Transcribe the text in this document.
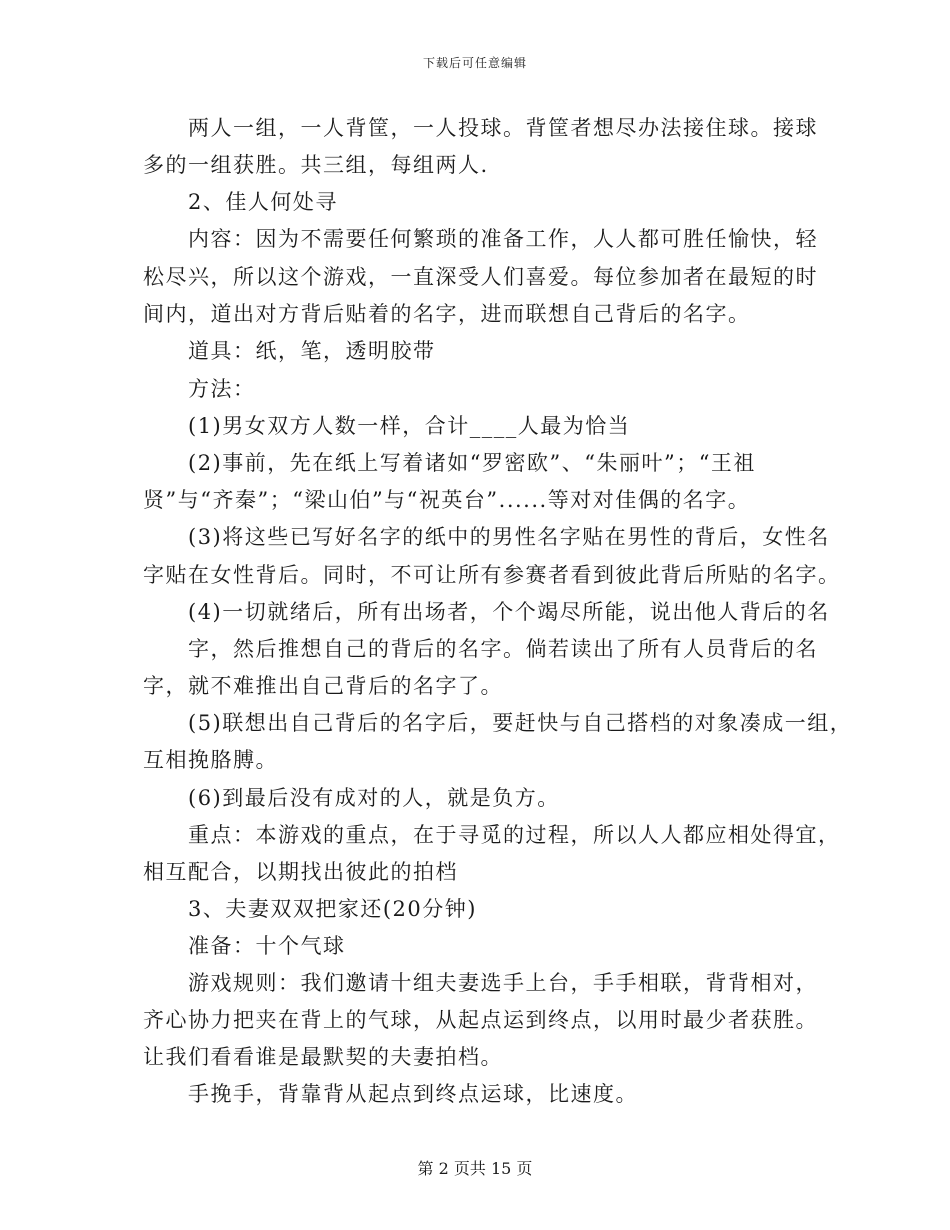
下载后可任意编辑
两人一组，一人背筐，一人投球。背筐者想尽办法接住球。接球
多的一组获胜。共三组，每组两人.
2、佳人何处寻
内容：因为不需要任何繁琐的准备工作，人人都可胜任愉快，轻
松尽兴，所以这个游戏，一直深受人们喜爱。每位参加者在最短的时
间内，道出对方背后贴着的名字，进而联想自己背后的名字。
道具：纸，笔，透明胶带
方法：
(1)男女双方人数一样，合计____人最为恰当
(2)事前，先在纸上写着诸如“罗密欧”、“朱丽叶”；“王祖
贤”与“齐秦”；“梁山伯”与“祝英台”......等对对佳偶的名字。
(3)将这些已写好名字的纸中的男性名字贴在男性的背后，女性名
字贴在女性背后。同时，不可让所有参赛者看到彼此背后所贴的名字。
(4)一切就绪后，所有出场者，个个竭尽所能，说出他人背后的名
字，然后推想自己的背后的名字。倘若读出了所有人员背后的名
字，就不难推出自己背后的名字了。
(5)联想出自己背后的名字后，要赶快与自己搭档的对象凑成一组，
互相挽胳膊。
(6)到最后没有成对的人，就是负方。
重点：本游戏的重点，在于寻觅的过程，所以人人都应相处得宜，
相互配合，以期找出彼此的拍档
3、夫妻双双把家还(20分钟)
准备：十个气球
游戏规则：我们邀请十组夫妻选手上台，手手相联，背背相对，
齐心协力把夹在背上的气球，从起点运到终点，以用时最少者获胜。
让我们看看谁是最默契的夫妻拍档。
手挽手，背靠背从起点到终点运球，比速度。
第 2 页共 15 页
